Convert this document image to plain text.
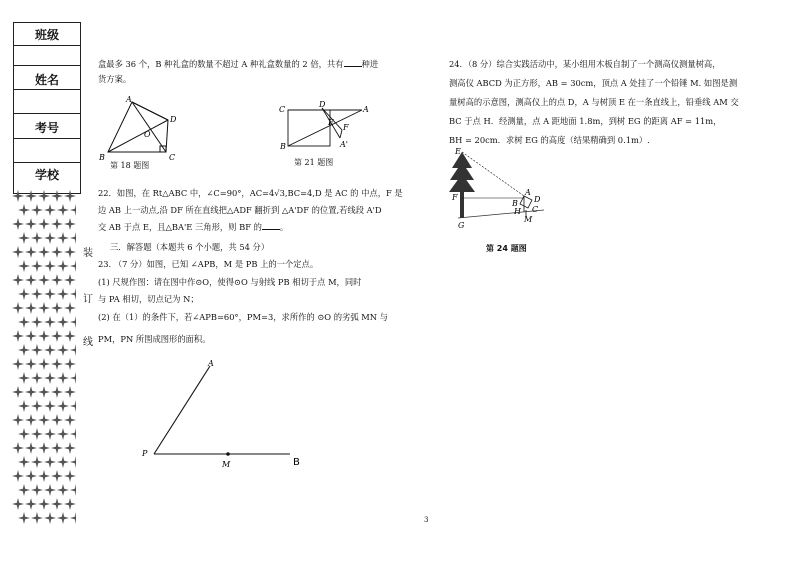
班级
姓名
考号
学校
装
订
线
盒最多 36 个，B 种礼盒的数量不超过 A 种礼盒数量的 2 倍，共有 种进
货方案。
A
B	C
D
O
第 18 题图
C
D
A
E
F
A'
B
第 21 题图
22．如图，在 Rt△ABC 中，∠C=90°，AC=4√3,BC=4,D 是 AC 的 中点，F 是
边 AB 上一动点,沿 DF 所在直线把△ADF 翻折到 △A'DF 的位置,若线段 A'D
交 AB 于点 E，且△BA'E 三角形，则 BF 的 。
三．解答题（本题共 6 个小题，共 54 分）
23. （7 分）如图，已知 ∠APB，M 是 PB 上的一个定点。
(1) 尺规作图：请在图中作⊙O，使得⊙O 与射线 PB 相切于点 M，同时
与 PA 相切，切点记为 N；
(2) 在（1）的条件下，若∠APB=60°，PM=3，求所作的 ⊙O 的劣弧 MN 与
PM，PN 所围成图形的面积。
A
P
M	B
24．（8 分）综合实践活动中，某小组用木板自制了一个测高仪测量树高，
测高仪 ABCD 为正方形，AB = 30cm，顶点 A 处挂了一个铅锤 M. 如图是测
量树高的示意图，测高仪上的点 D，A 与树顶 E 在一条直线上，铅垂线 AM 交
BC 于点 H．经测量，点 A 距地面 1.8m，到树 EG 的距离 AF = 11m，
BH = 20cm．求树 EG 的高度（结果精确到 0.1m）.
E
F
G
A
D
B
H C
M
第 24 题图
3
